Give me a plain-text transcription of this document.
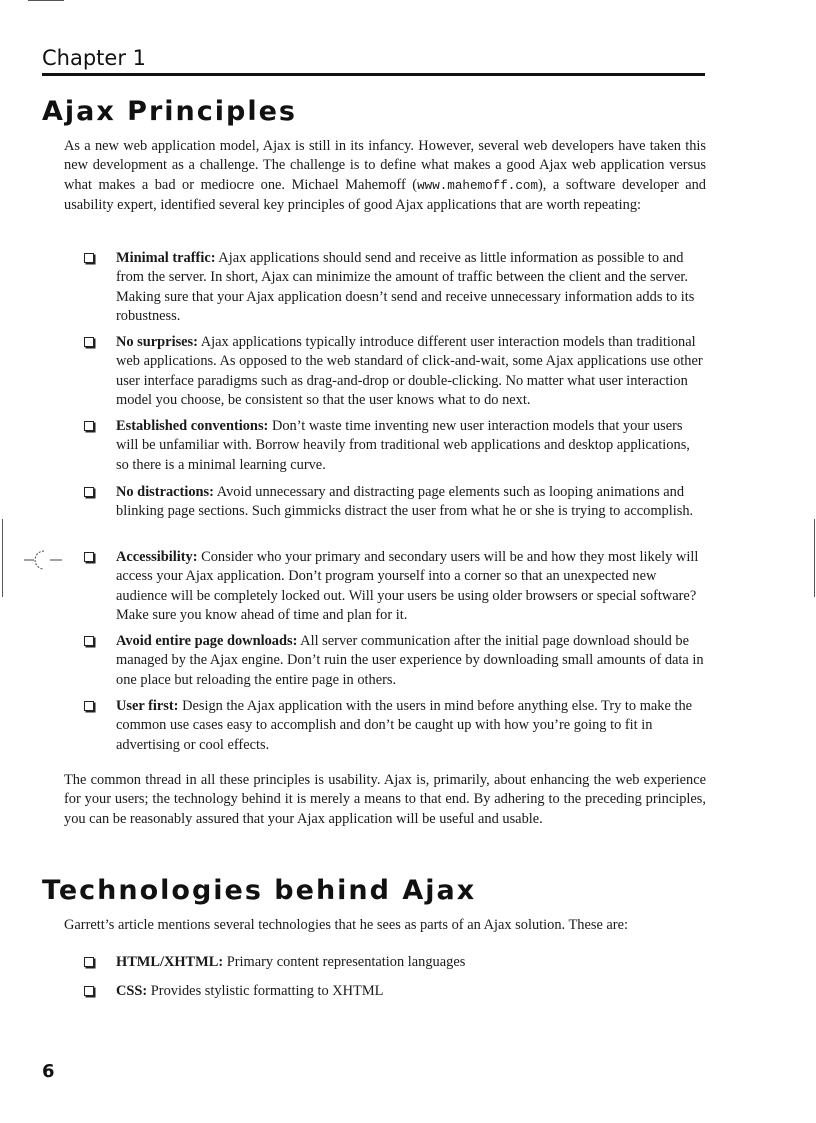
Chapter 1
Ajax Principles

As a new web application model, Ajax is still in its infancy. However, several web developers have taken this new development as a challenge. The challenge is to define what makes a good Ajax web application versus what makes a bad or mediocre one. Michael Mahemoff (www.mahemoff.com), a software developer and usability expert, identified several key principles of good Ajax applications that are worth repeating:

Minimal traffic: Ajax applications should send and receive as little information as possible to and from the server. In short, Ajax can minimize the amount of traffic between the client and the server. Making sure that your Ajax application doesn’t send and receive unnecessary information adds to its robustness.
No surprises: Ajax applications typically introduce different user interaction models than traditional web applications. As opposed to the web standard of click-and-wait, some Ajax applications use other user interface paradigms such as drag-and-drop or double-clicking. No matter what user interaction model you choose, be consistent so that the user knows what to do next.
Established conventions: Don’t waste time inventing new user interaction models that your users will be unfamiliar with. Borrow heavily from traditional web applications and desktop applications, so there is a minimal learning curve.
No distractions: Avoid unnecessary and distracting page elements such as looping animations and blinking page sections. Such gimmicks distract the user from what he or she is trying to accomplish.
Accessibility: Consider who your primary and secondary users will be and how they most likely will access your Ajax application. Don’t program yourself into a corner so that an unexpected new audience will be completely locked out. Will your users be using older browsers or special software? Make sure you know ahead of time and plan for it.
Avoid entire page downloads: All server communication after the initial page download should be managed by the Ajax engine. Don’t ruin the user experience by downloading small amounts of data in one place but reloading the entire page in others.
User first: Design the Ajax application with the users in mind before anything else. Try to make the common use cases easy to accomplish and don’t be caught up with how you’re going to fit in advertising or cool effects.

The common thread in all these principles is usability. Ajax is, primarily, about enhancing the web experience for your users; the technology behind it is merely a means to that end. By adhering to the preceding principles, you can be reasonably assured that your Ajax application will be useful and usable.

Technologies behind Ajax

Garrett’s article mentions several technologies that he sees as parts of an Ajax solution. These are:

HTML/XHTML: Primary content representation languages
CSS: Provides stylistic formatting to XHTML
6
